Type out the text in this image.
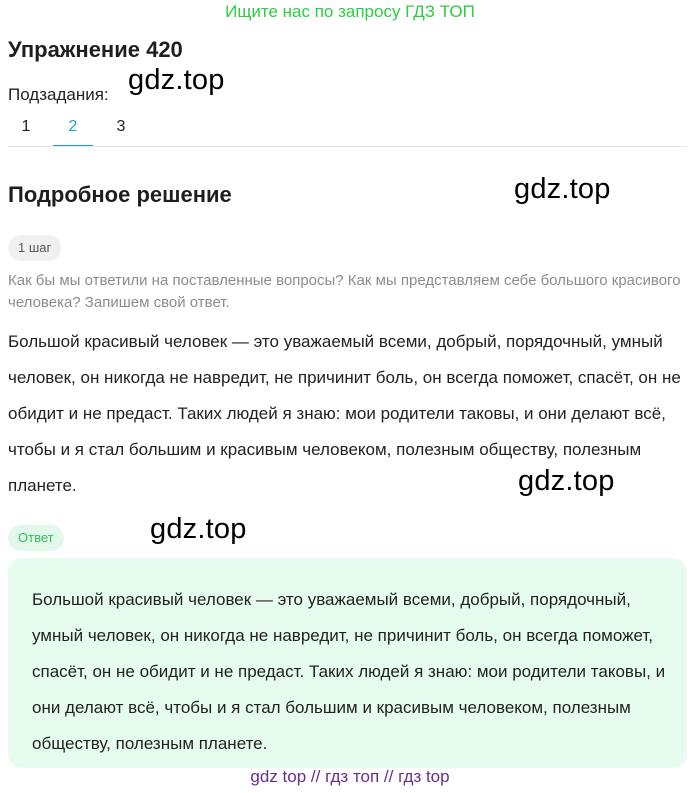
Ищите нас по запросу ГДЗ ТОП
Упражнение 420
Подзадания: gdz.top
1	2	3
Подробное решение	gdz.top
1 шаг
Как бы мы ответили на поставленные вопросы? Как мы представляем себе большого красивого человека? Запишем свой ответ.
Большой красивый человек — это уважаемый всеми, добрый, порядочный, умный человек, он никогда не навредит, не причинит боль, он всегда поможет, спасёт, он не обидит и не предаст. Таких людей я знаю: мои родители таковы, и они делают всё, чтобы и я стал большим и красивым человеком, полезным обществу, полезным планете.	gdz.top
Ответ	gdz.top
Большой красивый человек — это уважаемый всеми, добрый, порядочный, умный человек, он никогда не навредит, не причинит боль, он всегда поможет, спасёт, он не обидит и не предаст. Таких людей я знаю: мои родители таковы, и они делают всё, чтобы и я стал большим и красивым человеком, полезным обществу, полезным планете.
gdz top // гдз топ // гдз top
